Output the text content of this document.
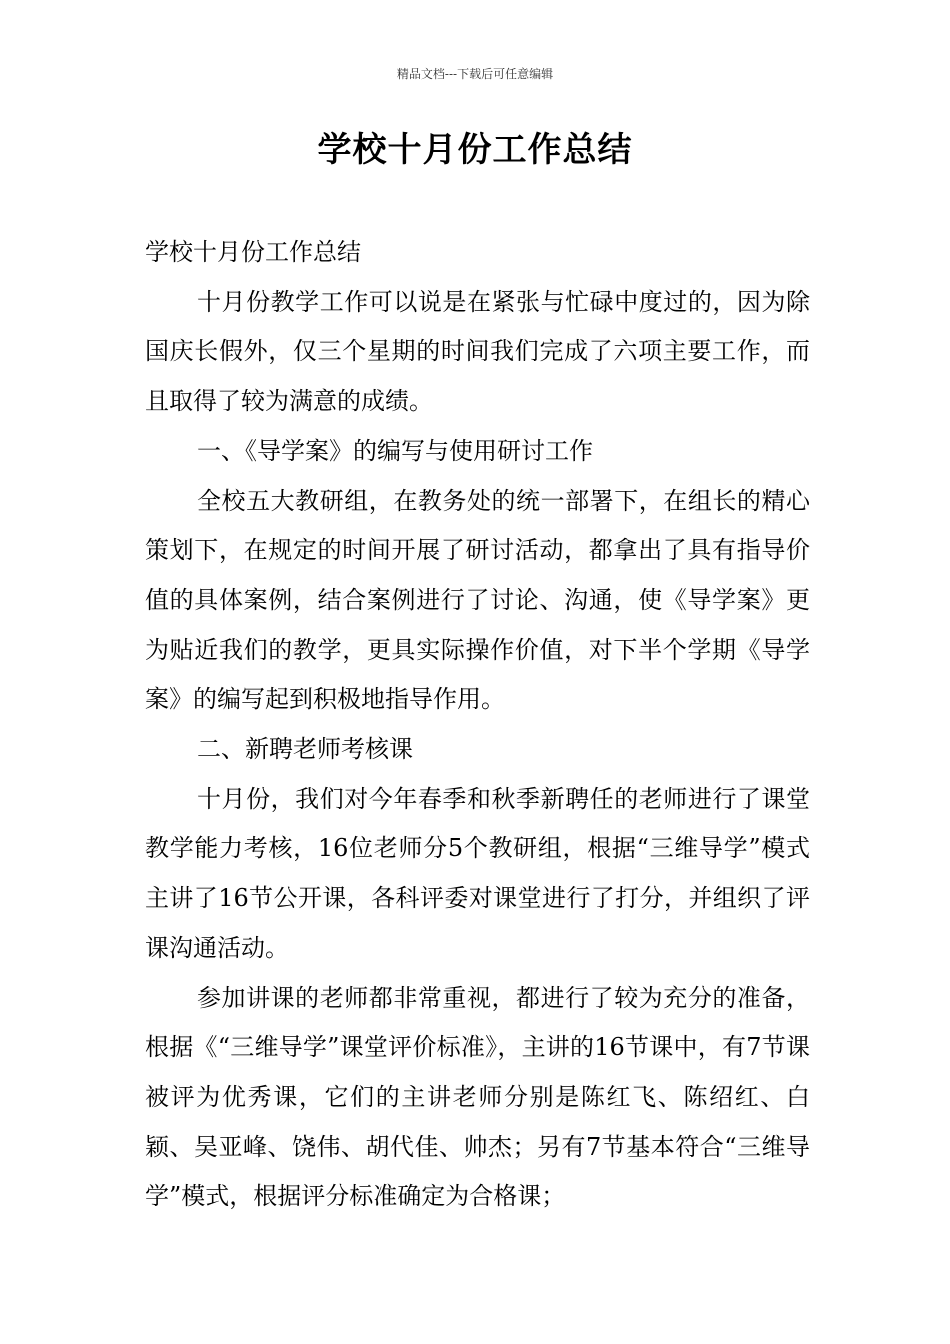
精品文档---下载后可任意编辑
学校十月份工作总结

学校十月份工作总结

十月份教学工作可以说是在紧张与忙碌中度过的，因为除国庆长假外，仅三个星期的时间我们完成了六项主要工作，而且取得了较为满意的成绩。

一、《导学案》的编写与使用研讨工作

全校五大教研组，在教务处的统一部署下，在组长的精心策划下，在规定的时间开展了研讨活动，都拿出了具有指导价值的具体案例，结合案例进行了讨论、沟通，使《导学案》更为贴近我们的教学，更具实际操作价值，对下半个学期《导学案》的编写起到积极地指导作用。

二、新聘老师考核课

十月份，我们对今年春季和秋季新聘任的老师进行了课堂教学能力考核，16位老师分5个教研组，根据“三维导学”模式主讲了16节公开课，各科评委对课堂进行了打分，并组织了评课沟通活动。

参加讲课的老师都非常重视，都进行了较为充分的准备，根据《“三维导学”课堂评价标准》，主讲的16节课中，有7节课被评为优秀课，它们的主讲老师分别是陈红飞、陈绍红、白颖、吴亚峰、饶伟、胡代佳、帅杰；另有7节基本符合“三维导学”模式，根据评分标准确定为合格课；
